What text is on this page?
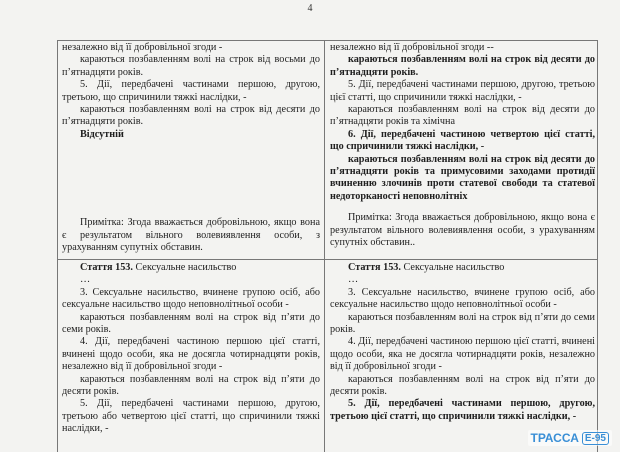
4

незалежно від її добровільної згоди -

караються позбавленням волі на строк від восьми до п’ятнадцяти років.

5. Дії, передбачені частинами першою, другою, третьою, що спричинили тяжкі наслідки, -

караються позбавленням волі на строк від десяти до п’ятнадцяти років.

Відсутній

Примітка: Згода вважається добровільною, якщо вона є результатом вільного волевиявлення особи, з урахуванням супутніх обставин.

незалежно від її добровільної згоди --

караються позбавленням волі на строк від десяти до п’ятнадцяти років.

5. Дії, передбачені частинами першою, другою, третьою цієї статті, що спричинили тяжкі наслідки, -

караються позбавленням волі на строк від десяти до п’ятнадцяти років та хімічна

6. Дії, передбачені частиною четвертою цієї статті, що спричинили тяжкі наслідки, -

караються позбавленням волі на строк від десяти до п’ятнадцяти років та примусовими заходами протидії вчиненню злочинів проти статевої свободи та статевої недоторканості неповнолітніх

Примітка: Згода вважається добровільною, якщо вона є результатом вільного волевиявлення особи, з урахуванням супутніх обставин..

Стаття 153. Сексуальне насильство

…

3. Сексуальне насильство, вчинене групою осіб, або сексуальне насильство щодо неповнолітньої особи -

караються позбавленням волі на строк від п’яти до семи років.

4. Дії, передбачені частиною першою цієї статті, вчинені щодо особи, яка не досягла чотирнадцяти років, незалежно від її добровільної згоди -

караються позбавленням волі на строк від п’яти до десяти років.

5. Дії, передбачені частинами першою, другою, третьою або четвертою цієї статті, що спричинили тяжкі наслідки, -

Стаття 153. Сексуальне насильство

…

3. Сексуальне насильство, вчинене групою осіб, або сексуальне насильство щодо неповнолітньої особи -

караються позбавленням волі на строк від п’яти до семи років.

4. Дії, передбачені частиною першою цієї статті, вчинені щодо особи, яка не досягла чотирнадцяти років, незалежно від її добровільної згоди -

караються позбавленням волі на строк від п’яти до десяти років.

5. Дії, передбачені частинами першою, другою, третьою цієї статті, що спричинили тяжкі наслідки, -

ТРАССА Е-95
